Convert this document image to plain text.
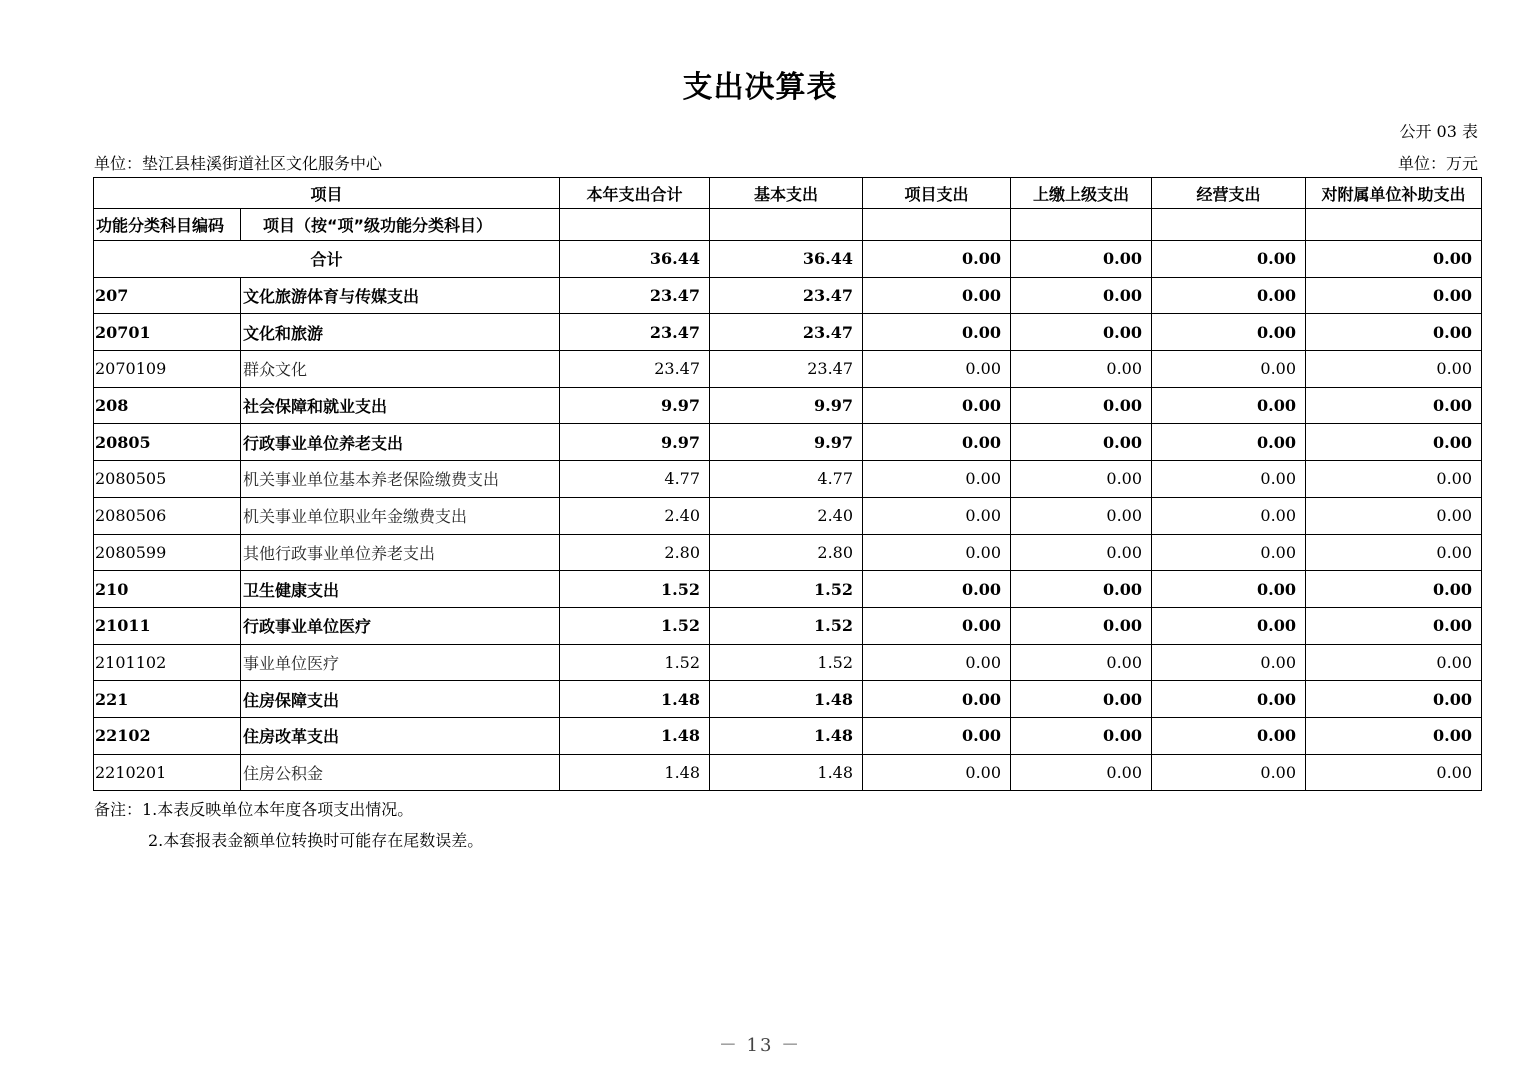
支出决算表
公开 03 表
单位：垫江县桂溪街道社区文化服务中心	单位：万元
项目		本年支出合计	基本支出	项目支出	上缴上级支出	经营支出	对附属单位补助支出
功能分类科目编码	项目（按“项”级功能分类科目）						
合计		36.44	36.44	0.00	0.00	0.00	0.00
207	文化旅游体育与传媒支出	23.47	23.47	0.00	0.00	0.00	0.00
20701	文化和旅游	23.47	23.47	0.00	0.00	0.00	0.00
2070109	群众文化	23.47	23.47	0.00	0.00	0.00	0.00
208	社会保障和就业支出	9.97	9.97	0.00	0.00	0.00	0.00
20805	行政事业单位养老支出	9.97	9.97	0.00	0.00	0.00	0.00
2080505	机关事业单位基本养老保险缴费支出	4.77	4.77	0.00	0.00	0.00	0.00
2080506	机关事业单位职业年金缴费支出	2.40	2.40	0.00	0.00	0.00	0.00
2080599	其他行政事业单位养老支出	2.80	2.80	0.00	0.00	0.00	0.00
210	卫生健康支出	1.52	1.52	0.00	0.00	0.00	0.00
21011	行政事业单位医疗	1.52	1.52	0.00	0.00	0.00	0.00
2101102	事业单位医疗	1.52	1.52	0.00	0.00	0.00	0.00
221	住房保障支出	1.48	1.48	0.00	0.00	0.00	0.00
22102	住房改革支出	1.48	1.48	0.00	0.00	0.00	0.00
2210201	住房公积金	1.48	1.48	0.00	0.00	0.00	0.00
备注：1.本表反映单位本年度各项支出情况。
2.本套报表金额单位转换时可能存在尾数误差。
－ 13 －
